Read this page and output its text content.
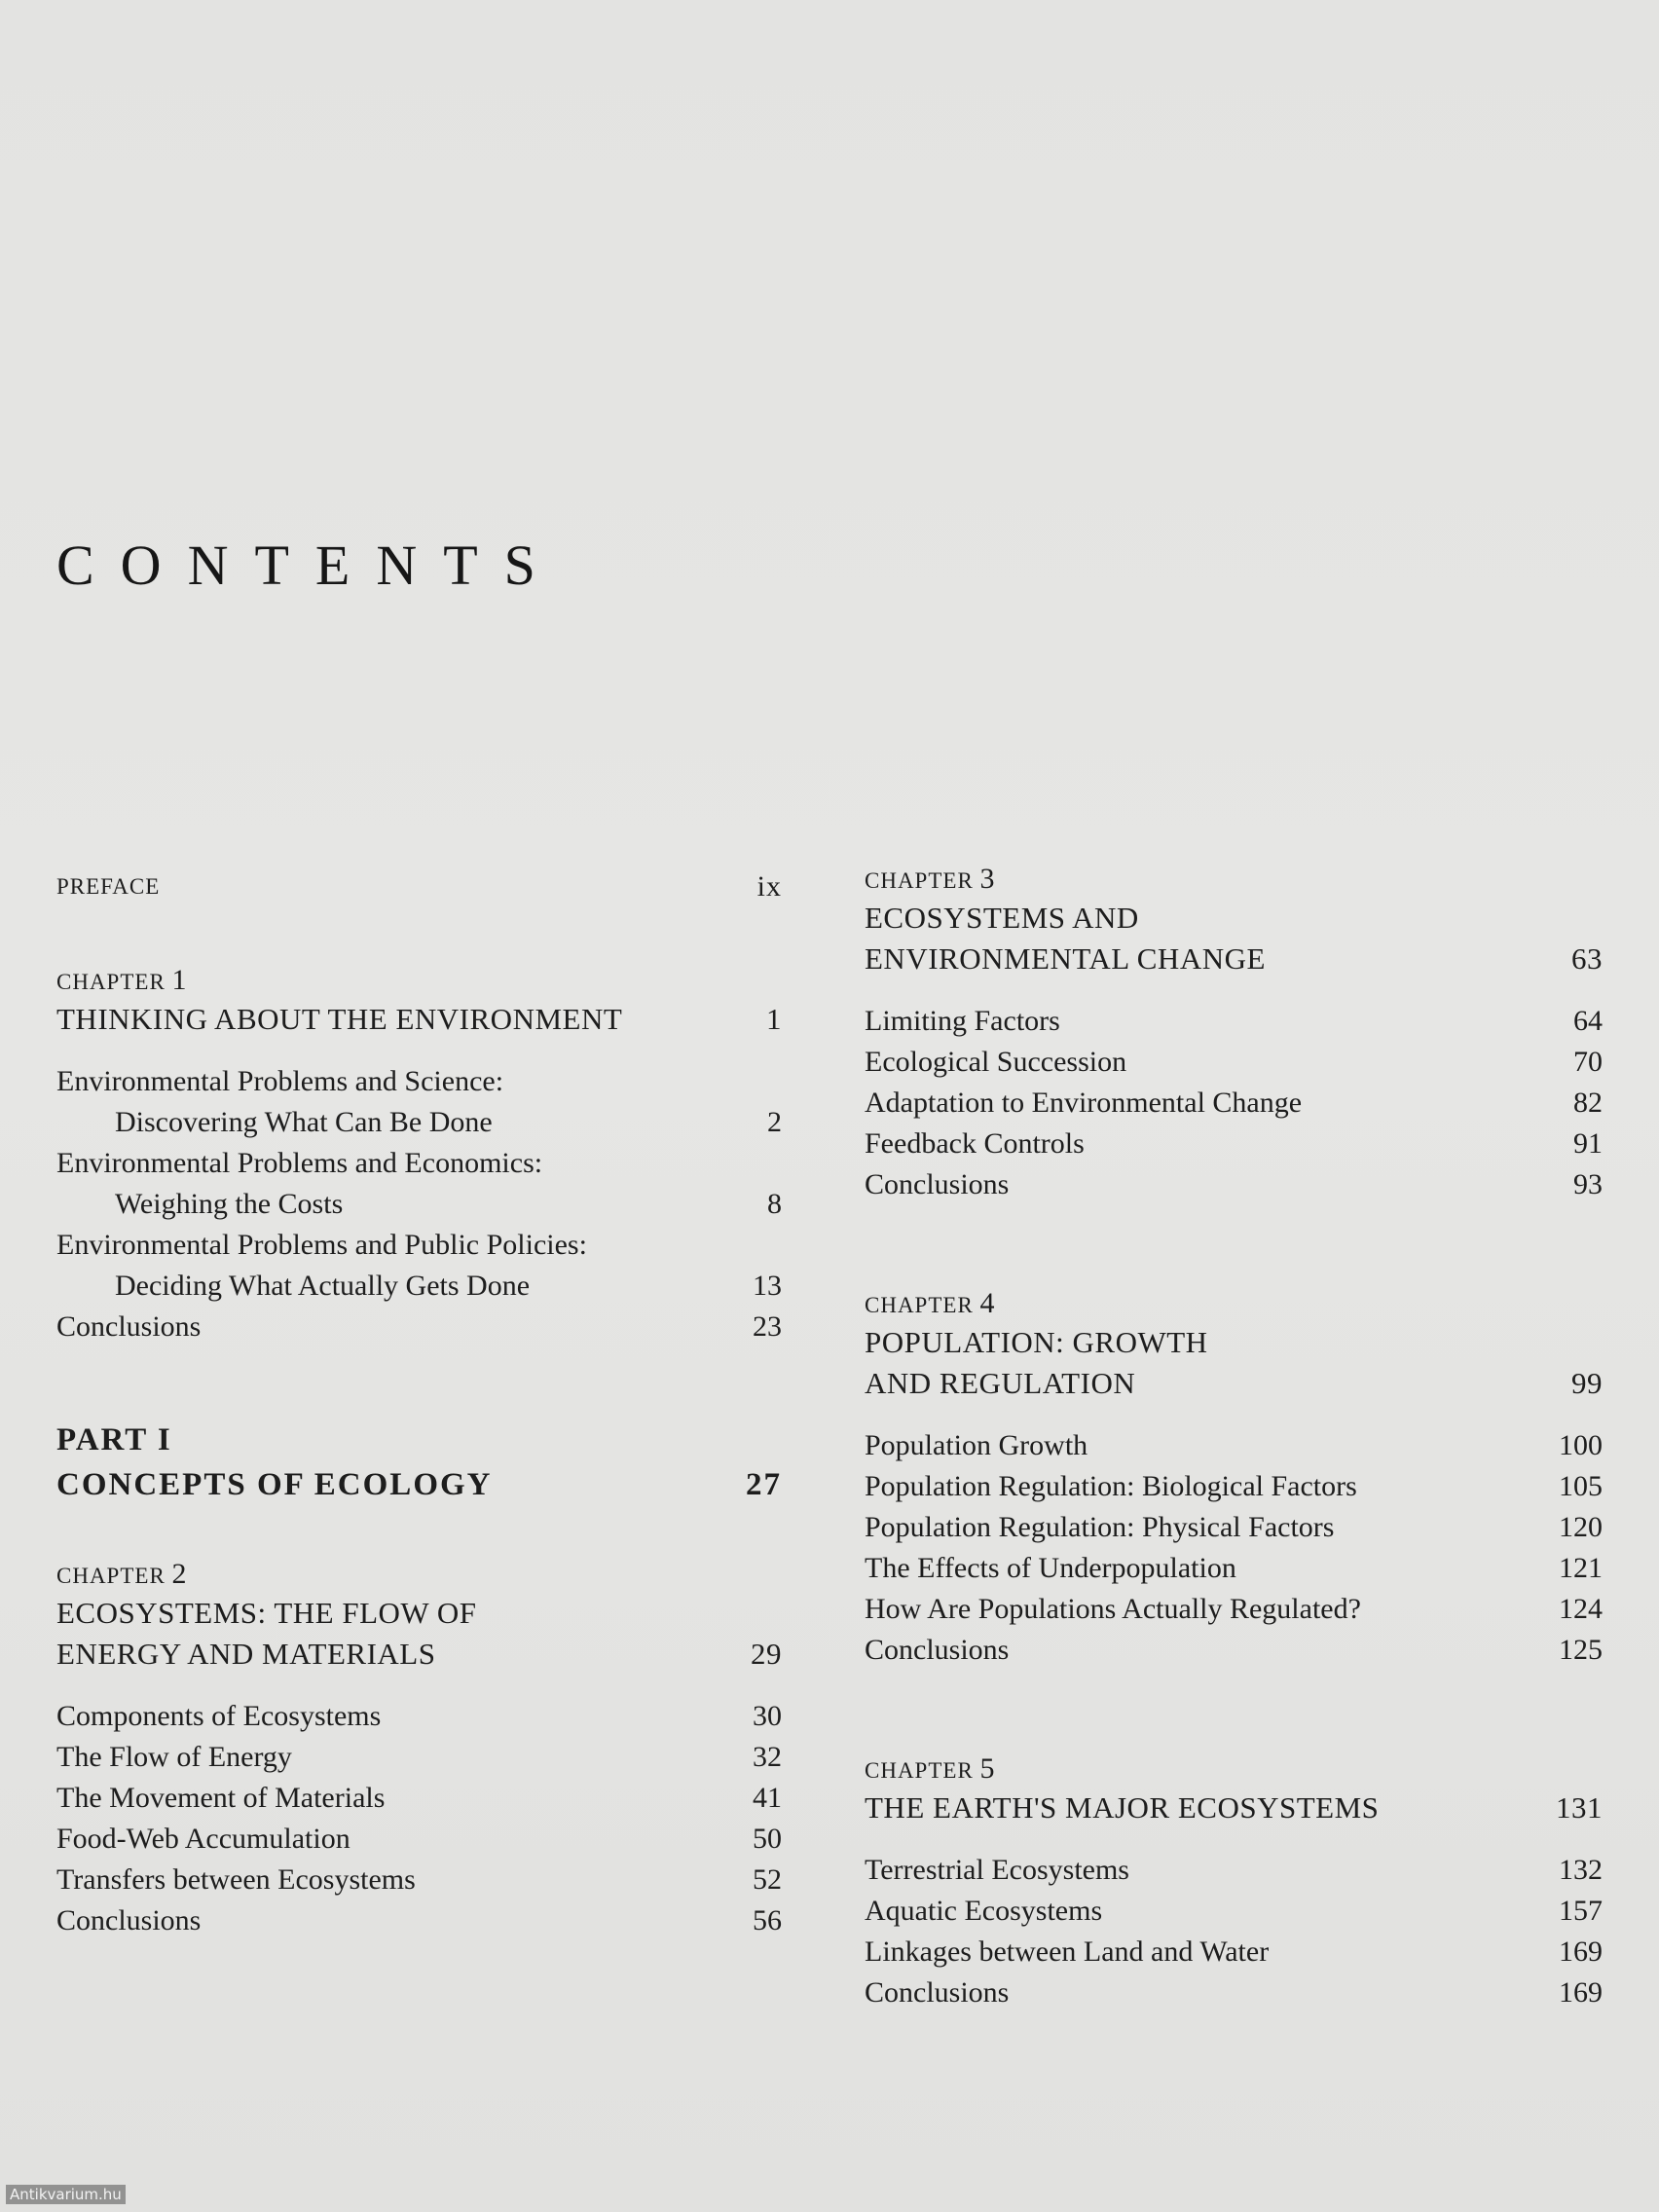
CONTENTS
PREFACE	ix
CHAPTER 1
THINKING ABOUT THE ENVIRONMENT	1
Environmental Problems and Science:
Discovering What Can Be Done	2
Environmental Problems and Economics:
Weighing the Costs	8
Environmental Problems and Public Policies:
Deciding What Actually Gets Done	13
Conclusions	23
PART I
CONCEPTS OF ECOLOGY	27
CHAPTER 2
ECOSYSTEMS: THE FLOW OF
ENERGY AND MATERIALS	29
Components of Ecosystems	30
The Flow of Energy	32
The Movement of Materials	41
Food-Web Accumulation	50
Transfers between Ecosystems	52
Conclusions	56
CHAPTER 3
ECOSYSTEMS AND
ENVIRONMENTAL CHANGE	63
Limiting Factors	64
Ecological Succession	70
Adaptation to Environmental Change	82
Feedback Controls	91
Conclusions	93
CHAPTER 4
POPULATION: GROWTH
AND REGULATION	99
Population Growth	100
Population Regulation: Biological Factors	105
Population Regulation: Physical Factors	120
The Effects of Underpopulation	121
How Are Populations Actually Regulated?	124
Conclusions	125
CHAPTER 5
THE EARTH'S MAJOR ECOSYSTEMS	131
Terrestrial Ecosystems	132
Aquatic Ecosystems	157
Linkages between Land and Water	169
Conclusions	169
Antikvarium.hu
